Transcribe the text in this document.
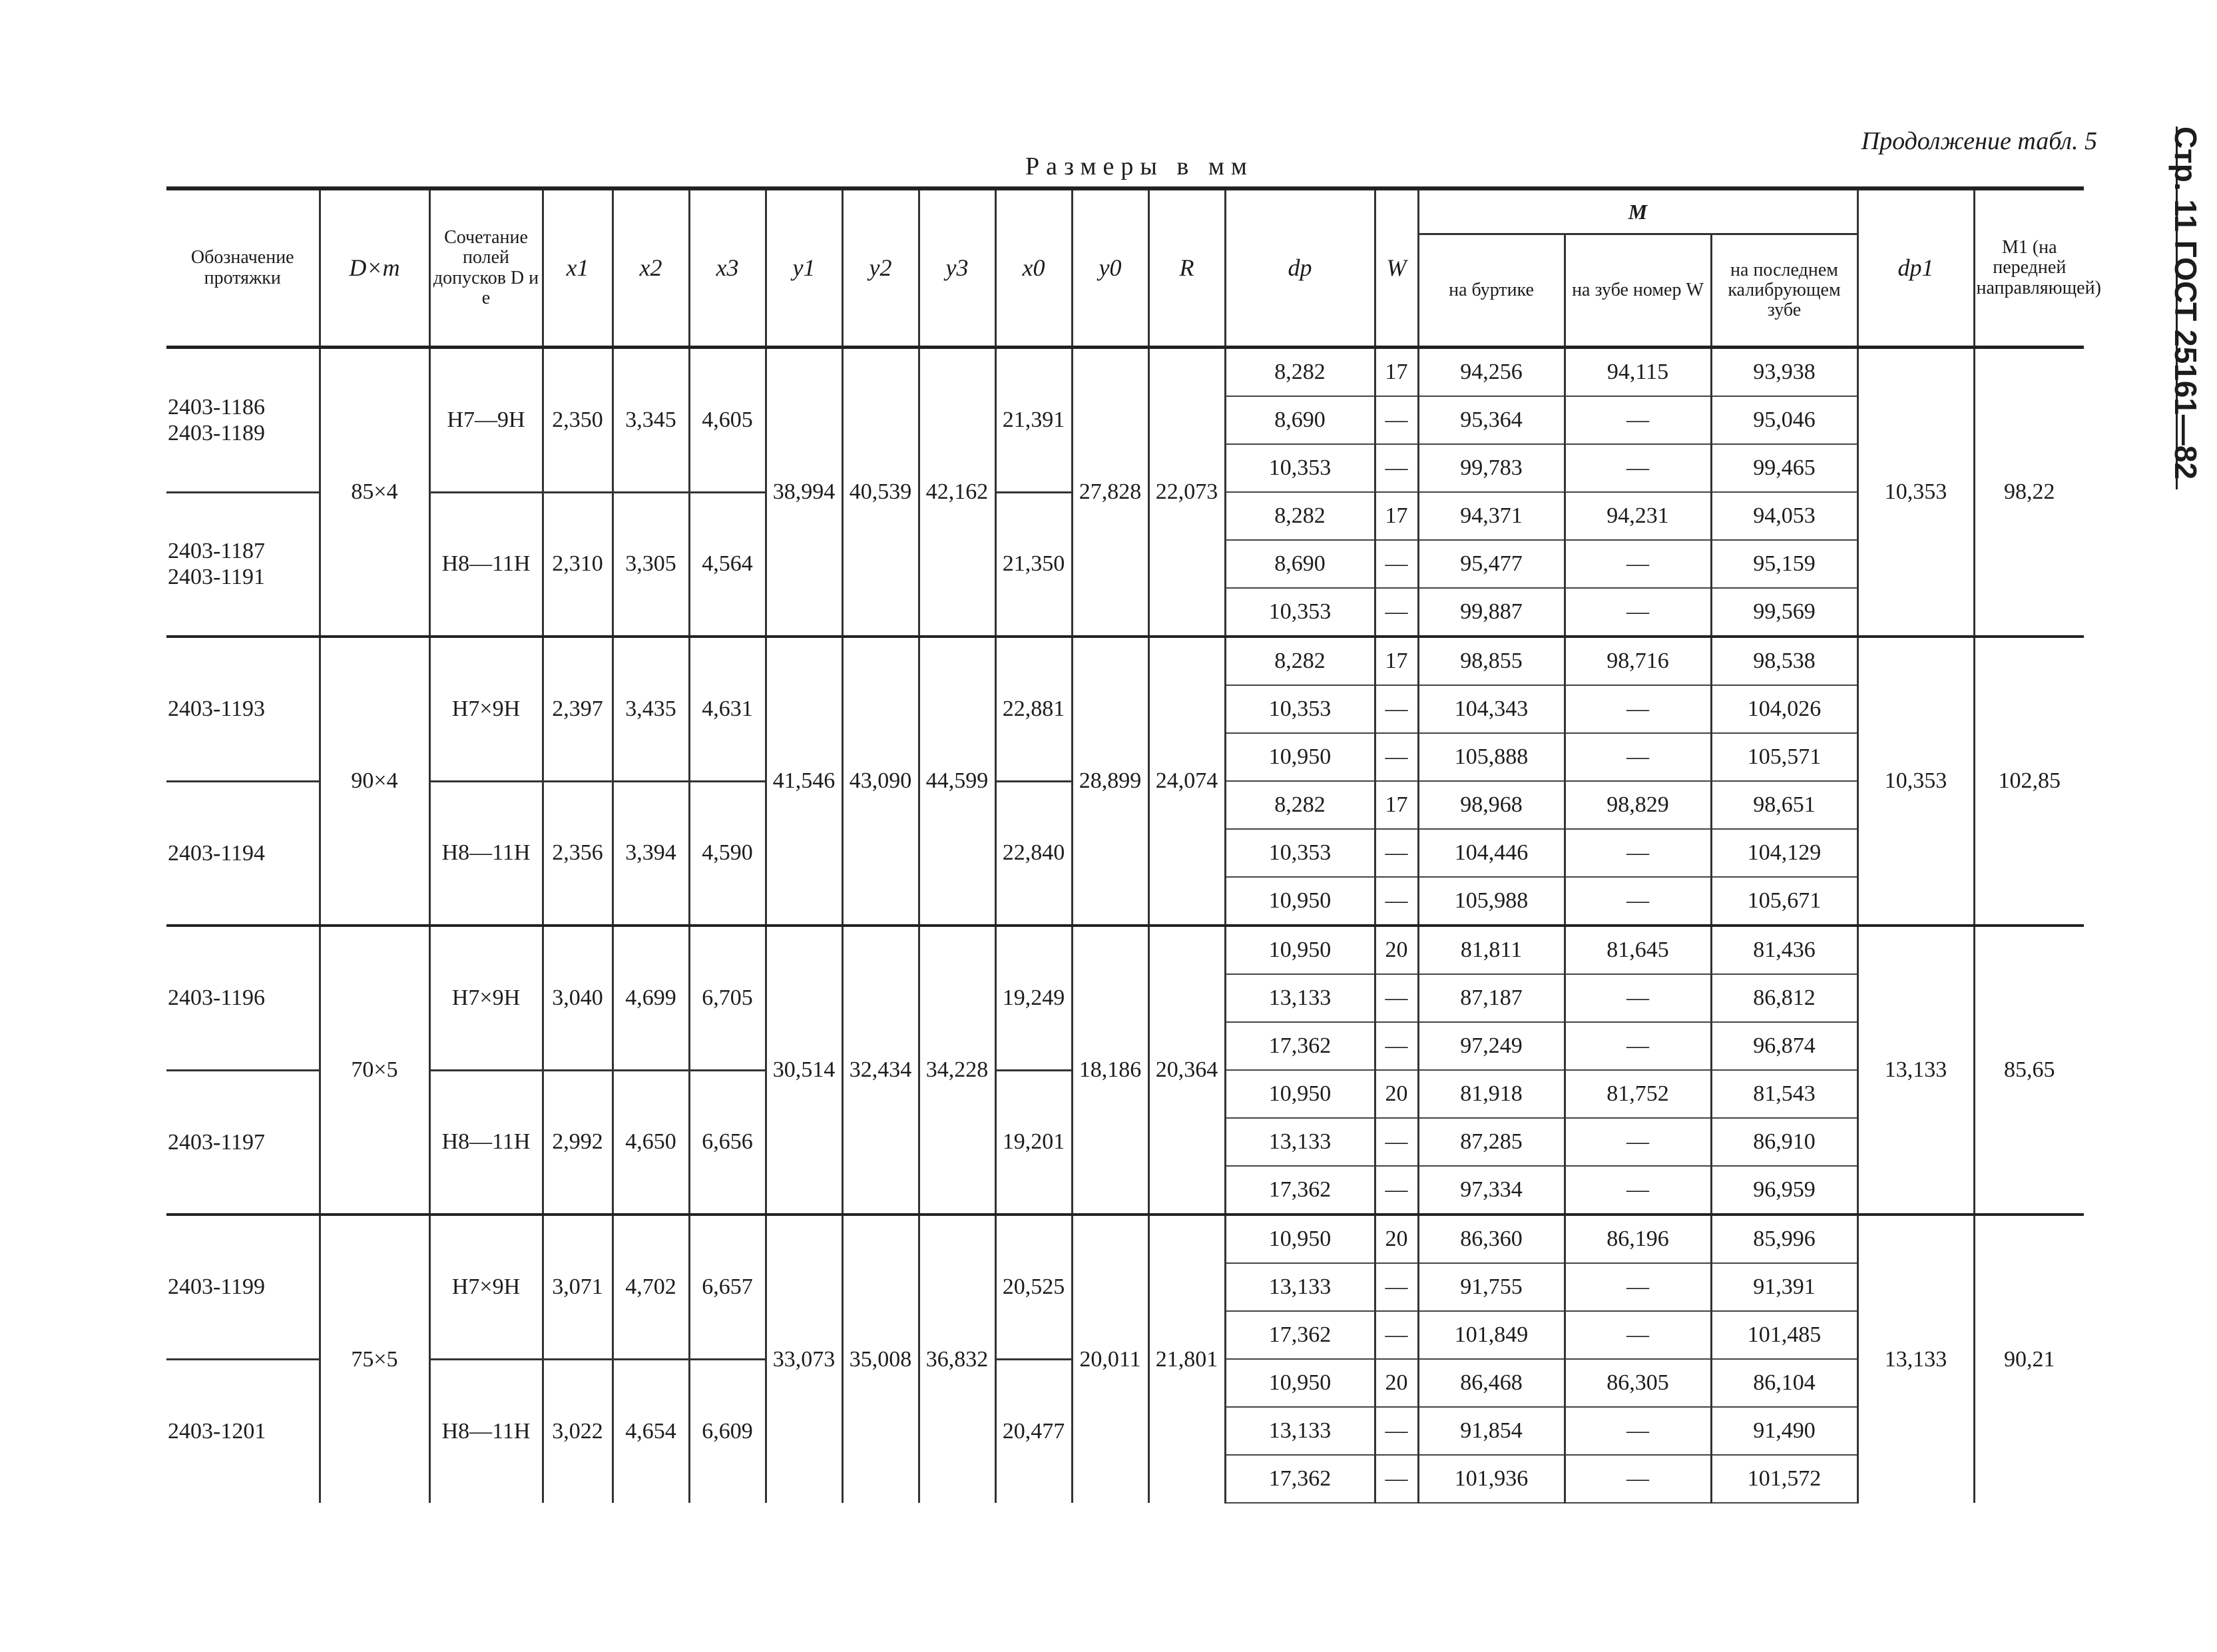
Продолжение табл. 5
Размеры в мм	Стр. 11 ГОСТ 25161—82
Обозначение протяжки	D×m	Сочетание полей допусков D и e	x1	x2	x3	y1	y2	y3	x0	y0	R	dp	W	M			dp1	M1 (на передней направляющей)
														на буртике	на зубе номер W	на последнем калибрующем зубе		

2403-1186
2403-1189	85×4	H7—9H	2,350	3,345	4,605	38,994	40,539	42,162	21,391	27,828	22,073	8,282	17	94,256	94,115	93,938	10,353	98,22
												8,690	—	95,364	—	95,046		
												10,353	—	99,783	—	99,465		

2403-1187
2403-1191		H8—11H	2,310	3,305	4,564				21,350			8,282	17	94,371	94,231	94,053		
												8,690	—	95,477	—	95,159		
												10,353	—	99,887	—	99,569		

2403-1193	90×4	H7×9H	2,397	3,435	4,631	41,546	43,090	44,599	22,881	28,899	24,074	8,282	17	98,855	98,716	98,538	10,353	102,85
												10,353	—	104,343	—	104,026		
												10,950	—	105,888	—	105,571		

2403-1194		H8—11H	2,356	3,394	4,590				22,840			8,282	17	98,968	98,829	98,651		
												10,353	—	104,446	—	104,129		
												10,950	—	105,988	—	105,671		

2403-1196	70×5	H7×9H	3,040	4,699	6,705	30,514	32,434	34,228	19,249	18,186	20,364	10,950	20	81,811	81,645	81,436	13,133	85,65
												13,133	—	87,187	—	86,812		
												17,362	—	97,249	—	96,874		

2403-1197		H8—11H	2,992	4,650	6,656				19,201			10,950	20	81,918	81,752	81,543		
												13,133	—	87,285	—	86,910		
												17,362	—	97,334	—	96,959		

2403-1199	75×5	H7×9H	3,071	4,702	6,657	33,073	35,008	36,832	20,525	20,011	21,801	10,950	20	86,360	86,196	85,996	13,133	90,21
												13,133	—	91,755	—	91,391		
												17,362	—	101,849	—	101,485		

2403-1201		H8—11H	3,022	4,654	6,609				20,477			10,950	20	86,468	86,305	86,104		
												13,133	—	91,854	—	91,490		
												17,362	—	101,936	—	101,572		
